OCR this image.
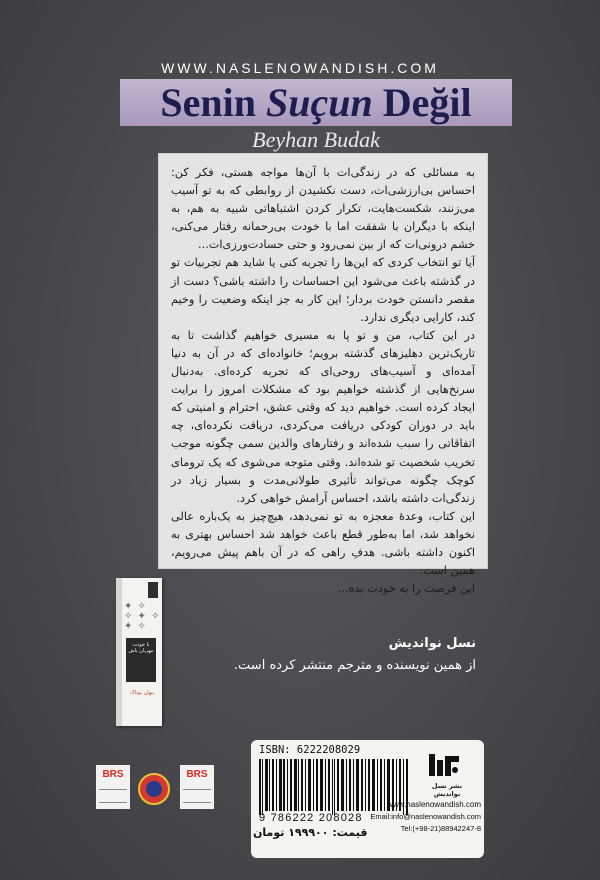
WWW.NASLENOWANDISH.COM
Senin Suçun Değil
Beyhan Budak

به مسائلی که در زندگی‌ات با آن‌ها مواجه هستی، فکر کن: احساس بی‌ارزشی‌ات، دست نکشیدن از روابطی که به تو آسیب می‌زنند، شکست‌هایت، تکرار کردن اشتباهاتی شبیه به هم، به اینکه با دیگران با شفقت اما با خودت بی‌رحمانه رفتار می‌کنی، خشم درونی‌ات که از بین نمی‌رود و حتی حسادت‌ورزی‌ات...

آیا تو انتخاب کردی که این‌ها را تجربه کنی یا شاید هم تجربیات تو در گذشته باعث می‌شود این احساسات را داشته باشی؟ دست از مقصر دانستن خودت بردار؛ این کار به جز اینکه وضعیت را وخیم کند، کارایی دیگری ندارد.

در این کتاب، من و تو پا به مسیری خواهیم گذاشت تا به تاریک‌ترین دهلیزهای گذشته برویم؛ خانواده‌ای که در آن به دنیا آمده‌ای و آسیب‌های روحی‌ای که تجربه کرده‌ای. به‌دنبال سرنخ‌هایی از گذشته خواهیم بود که مشکلات امروز را برایت ایجاد کرده است. خواهیم دید که وقتی عشق، احترام و امنیتی که باید در دوران کودکی دریافت می‌کردی، دریافت نکرده‌ای، چه اتفاقاتی را سبب شده‌اند و رفتارهای والدین سمی چگونه موجب تخریب شخصیت تو شده‌اند. وقتی متوجه می‌شوی که یک ترومای کوچک چگونه می‌تواند تأثیری طولانی‌مدت و بسیار زیاد در زندگی‌ات داشته باشد، احساس آرامش خواهی کرد.

این کتاب، وعدهٔ معجزه به تو نمی‌دهد، هیچ‌چیز به یک‌باره عالی نخواهد شد، اما به‌طور قطع باعث خواهد شد احساس بهتری به اکنون داشته باشی. هدفِ راهی که در آن باهم پیش می‌رویم، همین است.

این فرصت را به خودت بده...

✦ ✧
✧ ✦ ✧
✦ ✧
با خودت مهربان باش
بیهان بوداک
نسل نواندیش
از همین نویسنده و مترجم منتشر کرده است.
BRS	BRS
ISBN: 6222208029
9 786222 208028
قیمت: ۱۹۹۹۰۰ تومان
نشر نسل نواندیش
www.naslenowandish.com
Email:info@naslenowandish.com
Tel:(+98-21)88942247-8
